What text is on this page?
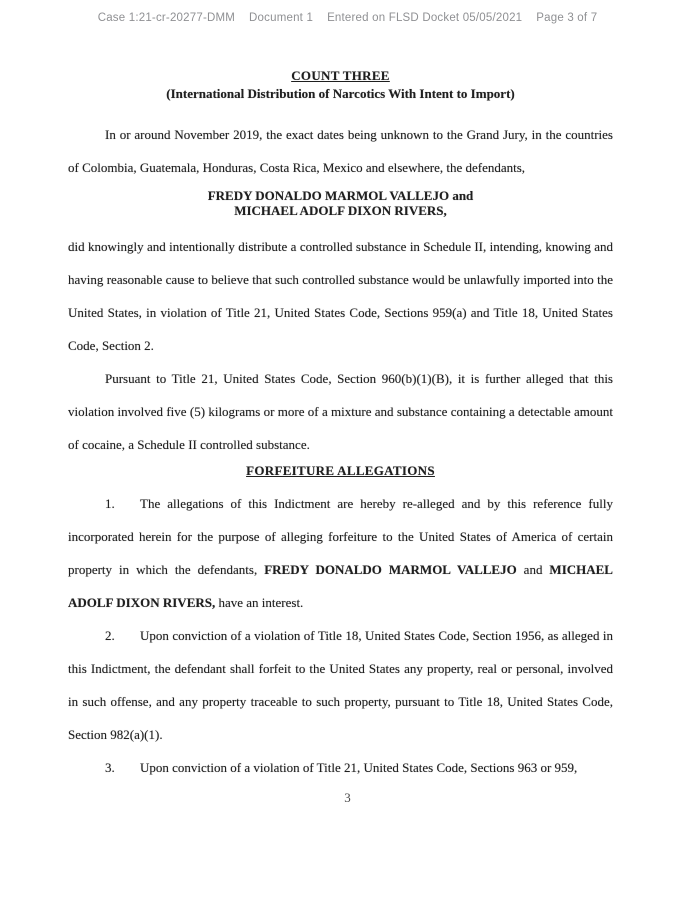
Case 1:21-cr-20277-DMM Document 1 Entered on FLSD Docket 05/05/2021 Page 3 of 7
COUNT THREE
(International Distribution of Narcotics With Intent to Import)

In or around November 2019, the exact dates being unknown to the Grand Jury, in the countries of Colombia, Guatemala, Honduras, Costa Rica, Mexico and elsewhere, the defendants,

FREDY DONALDO MARMOL VALLEJO and
MICHAEL ADOLF DIXON RIVERS,

did knowingly and intentionally distribute a controlled substance in Schedule II, intending, knowing and having reasonable cause to believe that such controlled substance would be unlawfully imported into the United States, in violation of Title 21, United States Code, Sections 959(a) and Title 18, United States Code, Section 2.

Pursuant to Title 21, United States Code, Section 960(b)(1)(B), it is further alleged that this violation involved five (5) kilograms or more of a mixture and substance containing a detectable amount of cocaine, a Schedule II controlled substance.

FORFEITURE ALLEGATIONS

1. The allegations of this Indictment are hereby re-alleged and by this reference fully incorporated herein for the purpose of alleging forfeiture to the United States of America of certain property in which the defendants, FREDY DONALDO MARMOL VALLEJO and MICHAEL ADOLF DIXON RIVERS, have an interest.

2. Upon conviction of a violation of Title 18, United States Code, Section 1956, as alleged in this Indictment, the defendant shall forfeit to the United States any property, real or personal, involved in such offense, and any property traceable to such property, pursuant to Title 18, United States Code, Section 982(a)(1).

3. Upon conviction of a violation of Title 21, United States Code, Sections 963 or 959,

3
